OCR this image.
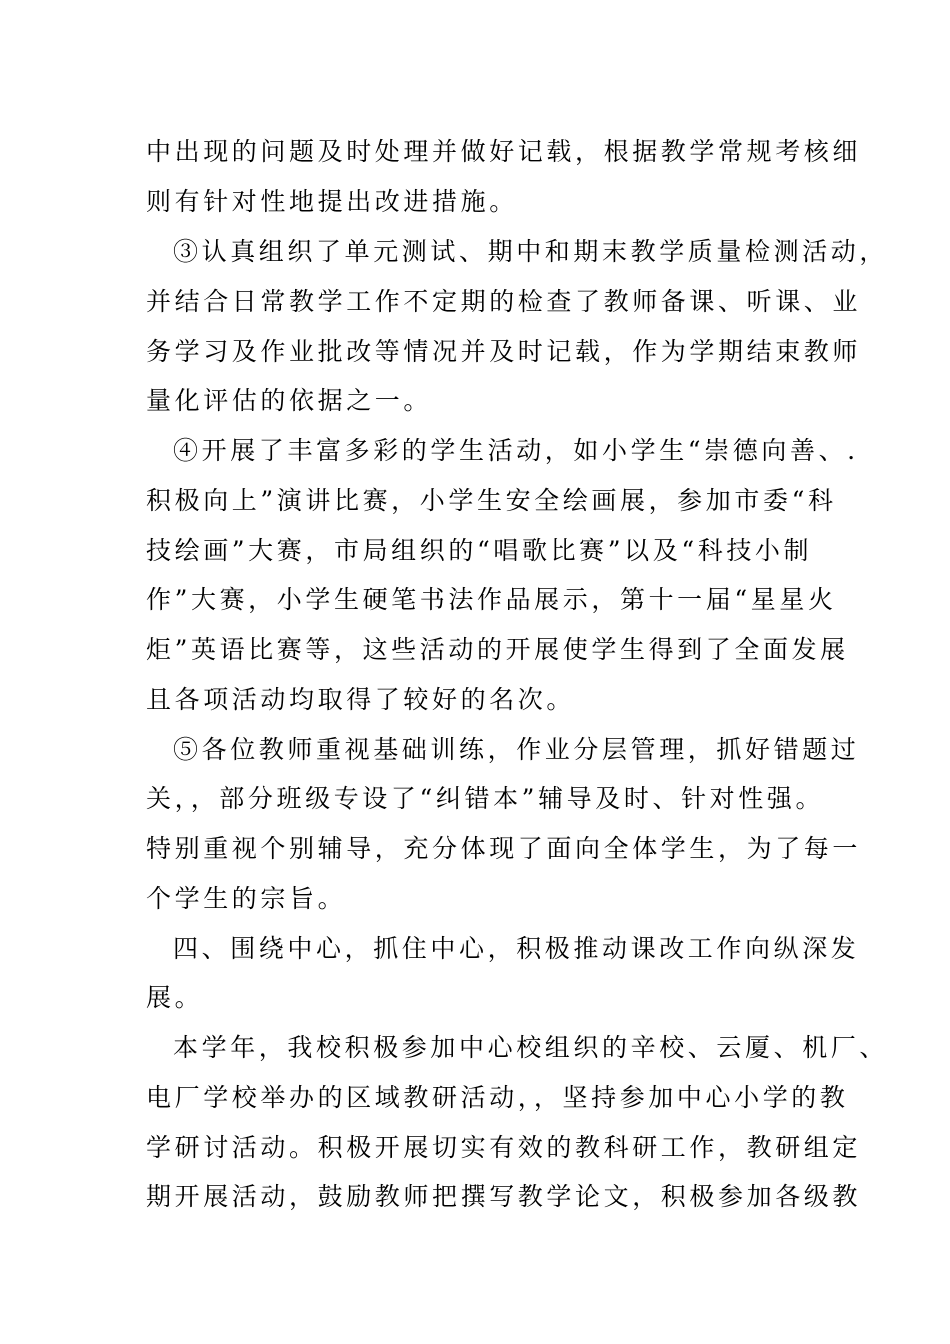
中出现的问题及时处理并做好记载，根据教学常规考核细
则有针对性地提出改进措施。
③认真组织了单元测试、期中和期末教学质量检测活动，
并结合日常教学工作不定期的检查了教师备课、听课、业
务学习及作业批改等情况并及时记载，作为学期结束教师
量化评估的依据之一。
④开展了丰富多彩的学生活动，如小学生“崇德向善、.
积极向上”演讲比赛，小学生安全绘画展，参加市委“科
技绘画”大赛，市局组织的“唱歌比赛”以及“科技小制
作”大赛，小学生硬笔书法作品展示，第十一届“星星火
炬”英语比赛等，这些活动的开展使学生得到了全面发展
且各项活动均取得了较好的名次。
⑤各位教师重视基础训练，作业分层管理，抓好错题过
关，，部分班级专设了“纠错本”辅导及时、针对性强。
特别重视个别辅导，充分体现了面向全体学生，为了每一
个学生的宗旨。
四、围绕中心，抓住中心，积极推动课改工作向纵深发
展。
本学年，我校积极参加中心校组织的辛校、云厦、机厂、
电厂学校举办的区域教研活动，，坚持参加中心小学的教
学研讨活动。积极开展切实有效的教科研工作，教研组定
期开展活动，鼓励教师把撰写教学论文，积极参加各级教
